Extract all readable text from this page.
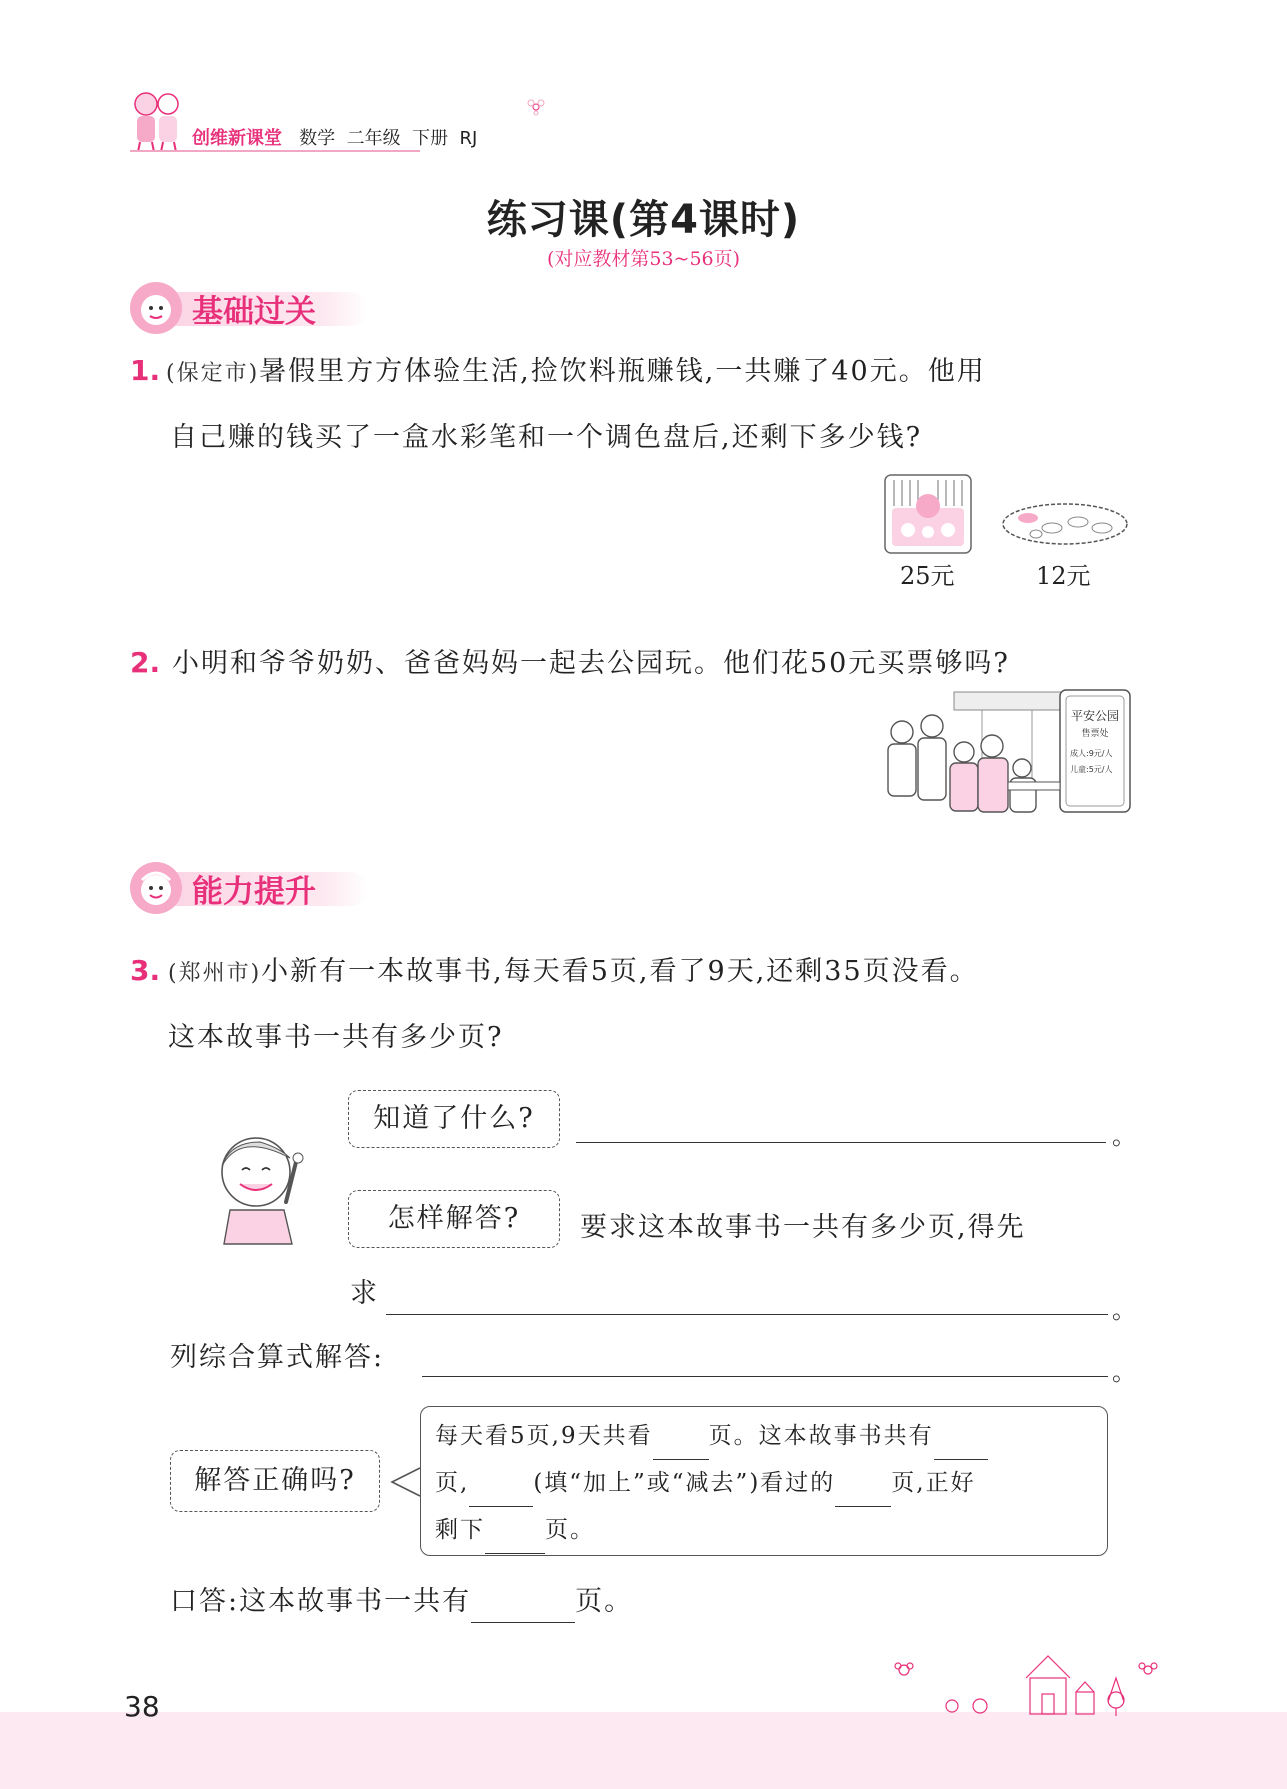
创维新课堂 数学 二年级 下册 RJ
练习课(第4课时)
(对应教材第53~56页)
基础过关
1. (保定市)暑假里方方体验生活,捡饮料瓶赚钱,一共赚了40元。他用
自己赚的钱买了一盒水彩笔和一个调色盘后,还剩下多少钱?
25元	12元
2. 小明和爷爷奶奶、爸爸妈妈一起去公园玩。他们花50元买票够吗?
平安公园
售票处
成人:9元/人
儿童:5元/人
能力提升
3. (郑州市)小新有一本故事书,每天看5页,看了9天,还剩35页没看。
这本故事书一共有多少页?
知道了什么?
。
怎样解答?	要求这本故事书一共有多少页,得先
求
。
列综合算式解答:	。
解答正确吗?
每天看5页,9天共看 页。这本故事书共有
页,	(填“加上”或“减去”)看过的 页,正好
剩下	页。
口答:这本故事书一共有	页。
38
